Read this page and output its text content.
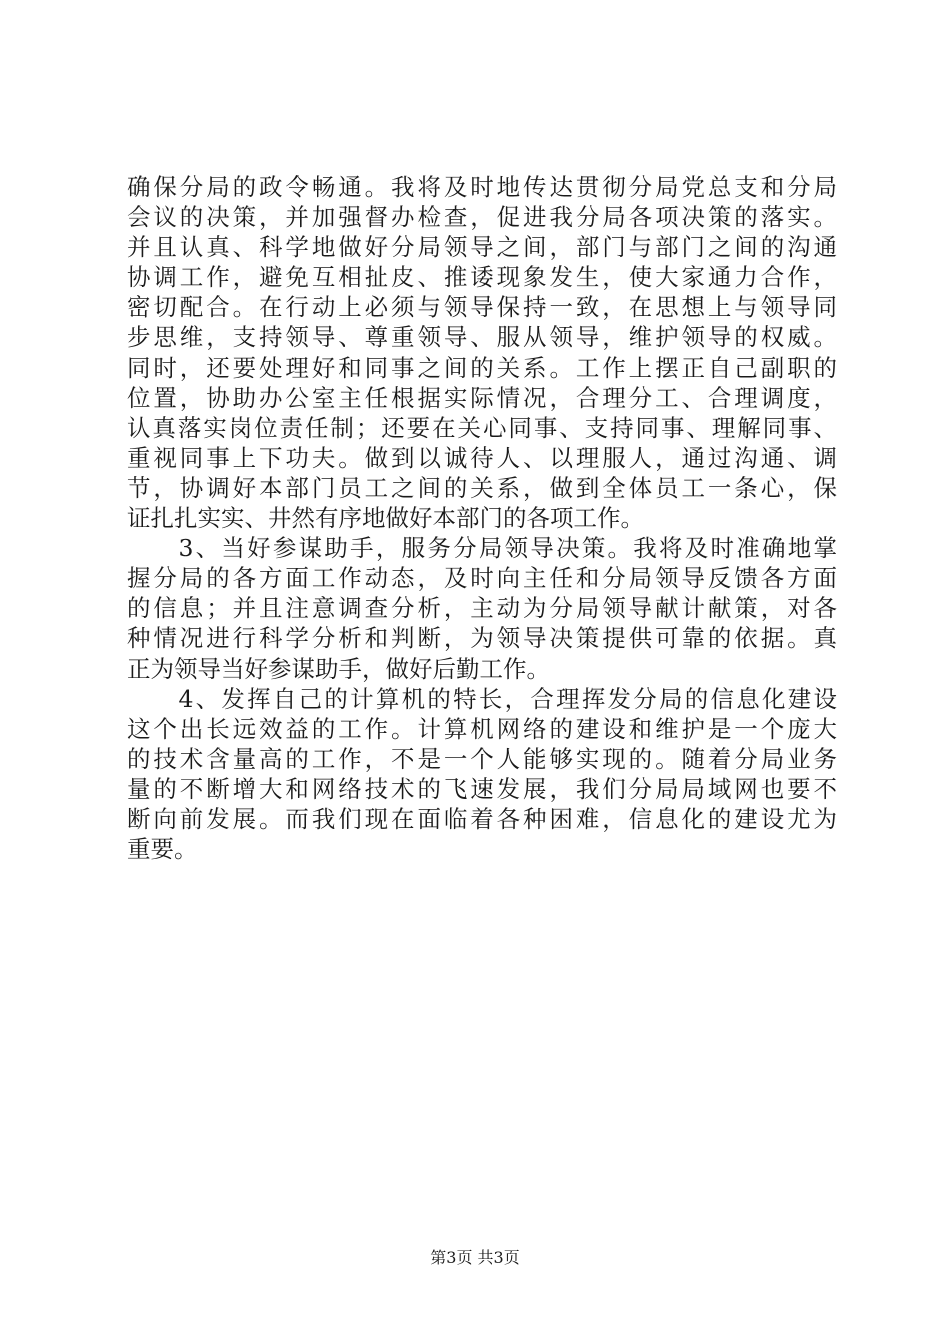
确保分局的政令畅通。我将及时地传达贯彻分局党总支和分局
会议的决策，并加强督办检查，促进我分局各项决策的落实。
并且认真、科学地做好分局领导之间，部门与部门之间的沟通
协调工作，避免互相扯皮、推诿现象发生，使大家通力合作，
密切配合。在行动上必须与领导保持一致，在思想上与领导同
步思维，支持领导、尊重领导、服从领导，维护领导的权威。
同时，还要处理好和同事之间的关系。工作上摆正自己副职的
位置，协助办公室主任根据实际情况，合理分工、合理调度，
认真落实岗位责任制；还要在关心同事、支持同事、理解同事、
重视同事上下功夫。做到以诚待人、以理服人，通过沟通、调
节，协调好本部门员工之间的关系，做到全体员工一条心，保
证扎扎实实、井然有序地做好本部门的各项工作。
　　3、当好参谋助手，服务分局领导决策。我将及时准确地掌
握分局的各方面工作动态，及时向主任和分局领导反馈各方面
的信息；并且注意调查分析，主动为分局领导献计献策，对各
种情况进行科学分析和判断，为领导决策提供可靠的依据。真
正为领导当好参谋助手，做好后勤工作。
　　4、发挥自己的计算机的特长，合理挥发分局的信息化建设
这个出长远效益的工作。计算机网络的建设和维护是一个庞大
的技术含量高的工作，不是一个人能够实现的。随着分局业务
量的不断增大和网络技术的飞速发展，我们分局局域网也要不
断向前发展。而我们现在面临着各种困难，信息化的建设尤为
重要。
第3页 共3页
